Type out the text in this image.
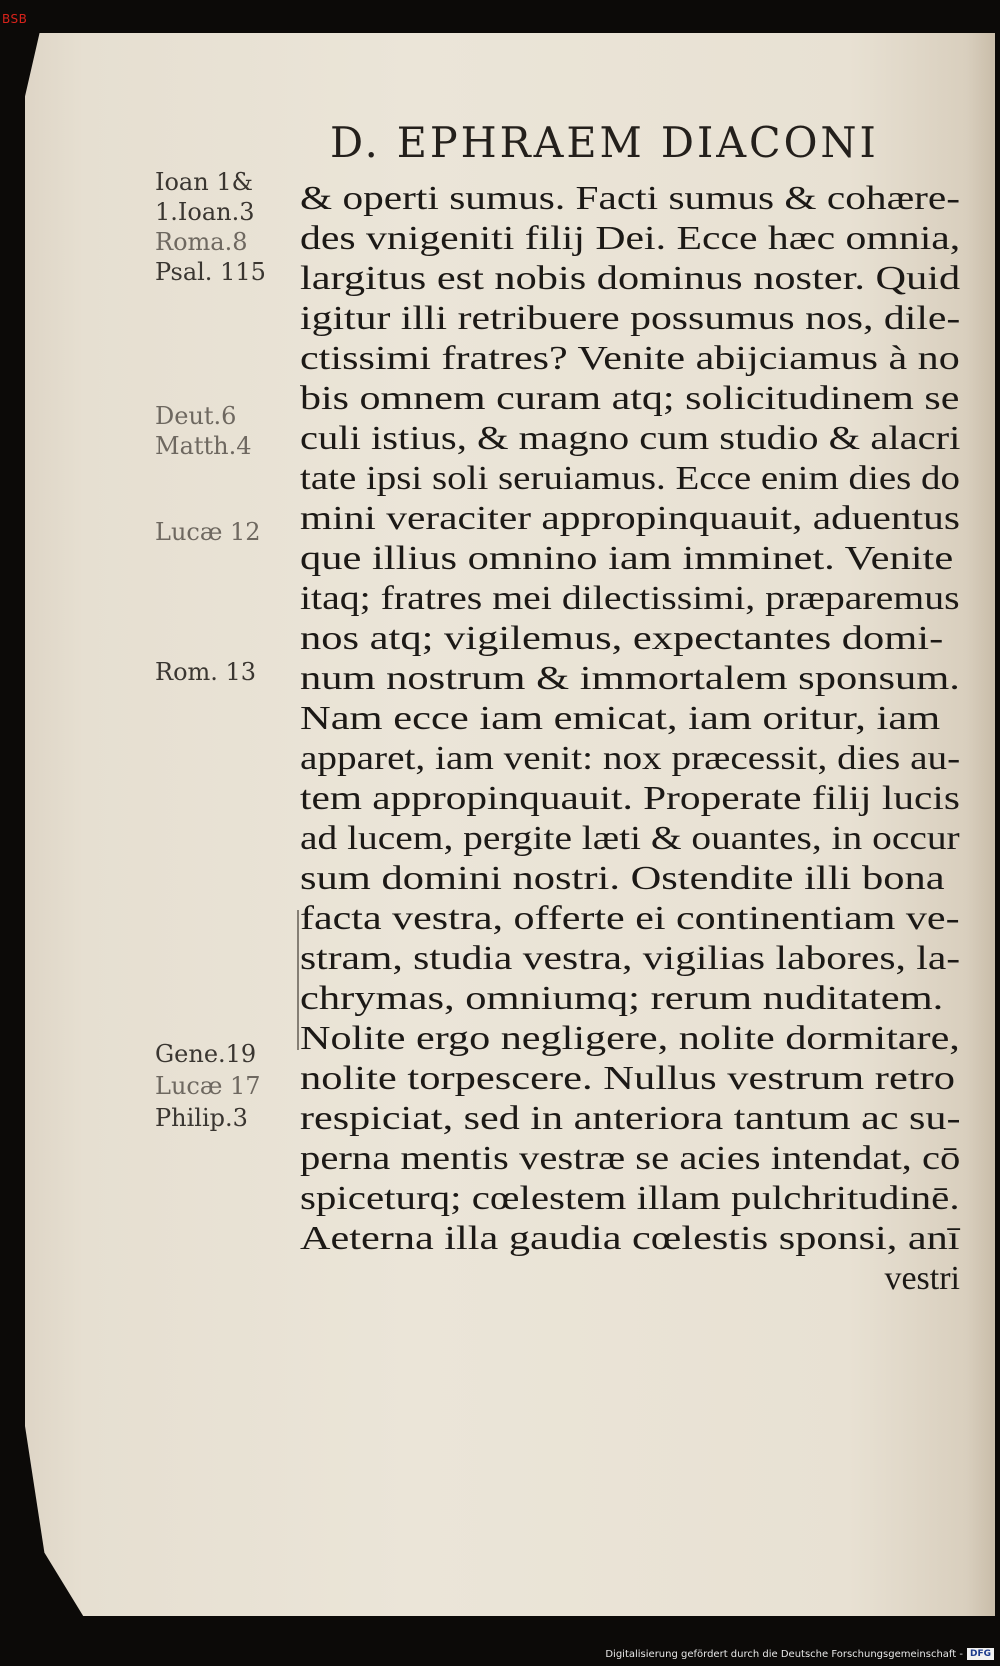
BSB
D. EPHRAEM DIACONI
Ioan 1&
1.Ioan.3
Roma.8
Psal. 115
Deut.6
Matth.4
Lucæ 12
Rom. 13
Gene.19
Lucæ 17
Philip.3
& operti sumus. Facti sumus & cohære-
des vnigeniti filij Dei. Ecce hæc omnia,
largitus est nobis dominus noster. Quid
igitur illi retribuere possumus nos, dile-
ctissimi fratres? Venite abijciamus à no
bis omnem curam atq; solicitudinem se
culi istius, & magno cum studio & alacri
tate ipsi soli seruiamus. Ecce enim dies do
mini veraciter appropinquauit, aduentus
que illius omnino iam imminet. Venite
itaq; fratres mei dilectissimi, præparemus
nos atq; vigilemus, expectantes domi-
num nostrum & immortalem sponsum.
Nam ecce iam emicat, iam oritur, iam
apparet, iam venit: nox præcessit, dies au-
tem appropinquauit. Properate filij lucis
ad lucem, pergite læti & ouantes, in occur
sum domini nostri. Ostendite illi bona
facta vestra, offerte ei continentiam ve-
stram, studia vestra, vigilias labores, la-
chrymas, omniumq; rerum nuditatem.
Nolite ergo negligere, nolite dormitare,
nolite torpescere. Nullus vestrum retro
respiciat, sed in anteriora tantum ac su-
perna mentis vestræ se acies intendat, cō
spiceturq; cœlestem illam pulchritudinē.
Aeterna illa gaudia cœlestis sponsi, anī
vestri
Digitalisierung gefördert durch die Deutsche Forschungsgemeinschaft - DFG
